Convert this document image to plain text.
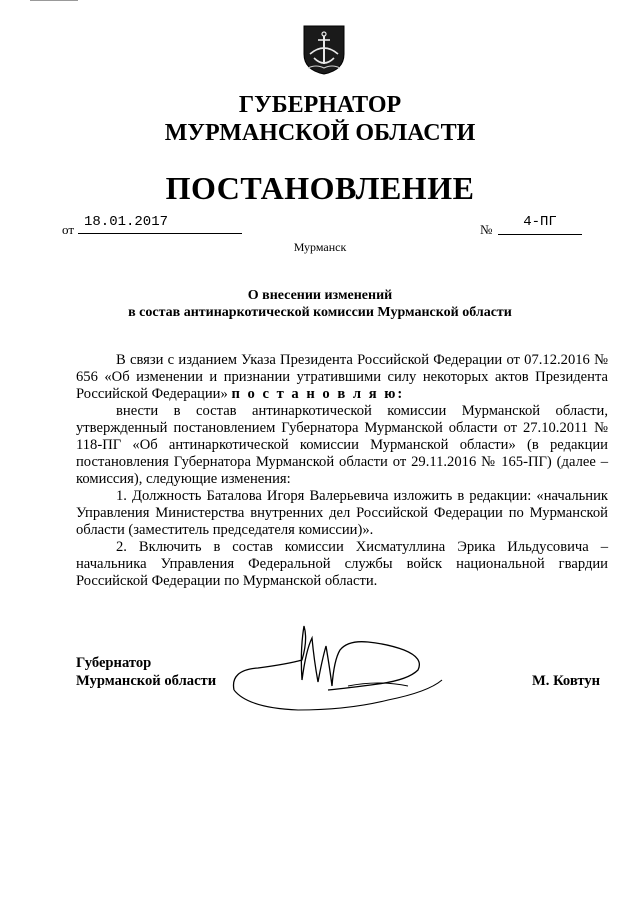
ГУБЕРНАТОР
МУРМАНСКОЙ ОБЛАСТИ
ПОСТАНОВЛЕНИЕ
от 18.01.2017	№	4-ПГ
Мурманск
О внесении изменений
в состав антинаркотической комиссии Мурманской области

В связи с изданием Указа Президента Российской Федерации от 07.12.2016 № 656 «Об изменении и признании утратившими силу некоторых актов Президента Российской Федерации» п о с т а н о в л я ю:

внести в состав антинаркотической комиссии Мурманской области, утвержденный постановлением Губернатора Мурманской области от 27.10.2011 № 118-ПГ «Об антинаркотической комиссии Мурманской области» (в редакции постановления Губернатора Мурманской области от 29.11.2016 № 165-ПГ) (далее – комиссия), следующие изменения:

1. Должность Баталова Игоря Валерьевича изложить в редакции: «начальник Управления Министерства внутренних дел Российской Федерации по Мурманской области (заместитель председателя комиссии)».

2. Включить в состав комиссии Хисматуллина Эрика Ильдусовича – начальника Управления Федеральной службы войск национальной гвардии Российской Федерации по Мурманской области.

Губернатор
Мурманской области	М. Ковтун
